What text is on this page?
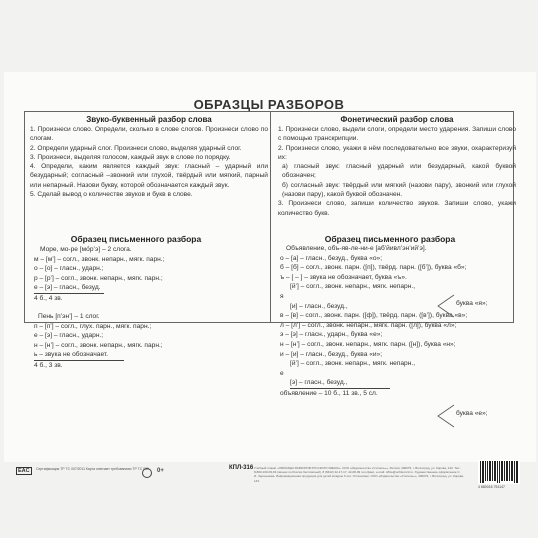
ОБРАЗЦЫ РАЗБОРОВ
Звуко-буквенный разбор слова
1. Произнеси слово. Определи, сколько в слове слогов. Произнеси слово по слогам.
2. Определи ударный слог. Произнеси слово, выделяя ударный слог.
3. Произнеси, выделяя голосом, каждый звук в слове по порядку.
4. Определи, каким является каждый звук: гласный – ударный или безударный; согласный –звонкий или глухой, твёрдый или мягкий, парный или непарный. Назови букву, которой обозначается каждый звук.
5. Сделай вывод о количестве звуков и букв в слове.
Образец письменного разбора
Море, мо-ре [мо́р’э] – 2 слога.
м – [м’] – согл., звонк. непарн., мягк. парн.;
о – [о] – гласн., ударн.;
р – [р’] – согл., звонк. непарн., мягк. парн.;
е – [э] – гласн., безуд.
4 б., 4 зв.
Пень [п’эн’] – 1 слог.
п – [п’] – согл., глух. парн., мягк. парн.;
е – [э] – гласн., ударн.;
н – [н’] – согл., звонк. непарн., мягк. парн.;
ь – звука не обозначает.
4 б., 3 зв.
Фонетический разбор слова
1. Произнеси слово, выдели слоги, определи место ударения. Запиши слово с помощью транскрипции.
2. Произнеси слово, укажи в нём последовательно все звуки, охарактеризуй их:
а) гласный звук: гласный ударный или безударный, какой буквой обозначен;
б) согласный звук: твёрдый или мягкий (назови пару), звонкий или глухой (назови пару), какой буквой обозначен.
3. Произнеси слово, запиши количество звуков. Запиши слово, укажи количество букв.
Образец письменного разбора
Объявление, объ-яв-ле-ни-е [аб’йивл’эн’ий’э].
о – [а] – гласн., безуд., буква «о»;
б – [б] – согл., звонк. парн. ([п]), твёрд. парн. ([б’]), буква «б»;
ъ – [ – ] – звука не обозначает, буква «ъ».
[й’] – согл., звонк. непарн., мягк. непарн.,
я
[и] – гласн., безуд.,
в – [в] – согл., звонк. парн. ([ф]), твёрд. парн. ([в’]), буква «в»;
л – [л’] – согл., звонк. непарн., мягк. парн. ([л]), буква «л»;
э – [э] – гласн., ударн., буква «е»;
н – [н’] – согл., звонк. непарн., мягк. парн. ([н]), буква «н»;
и – [и] – гласн., безуд., буква «и»;
[й’] – согл., звонк. непарн., мягк. непарн.,
е
[э] – гласн., безуд.,
объявление – 10 б., 11 зв., 5 сл.
буква «я»;
буква «е»;
EAC	Сертификация ТР ТС 007/2011 Карта отвечает требованиям ТР ТС 030 0+	КПЛ-316 Учебный плакат «ОБРАЗЦЫ РАЗБОРОВ РУССКОГО ЯЗЫКА». ООО «Издательство «Учитель»», Россия, 400079, г. Волгоград, ул. Кирова, 143. Тел.: 8-800-100-09-63 (звонок по России бесплатный), 8 (8442) 42-17-17, 42-08-09 тел./факс, e-mail: office@uchitel-izd.ru. Художественное оформление С. И. Чернышева. Информационная продукция для детей младше 6 лет. Отпечатано: ООО «Издательство «Учитель»», 400079, г. Волгоград, ул. Кирова, 143.
4 680016 751147
